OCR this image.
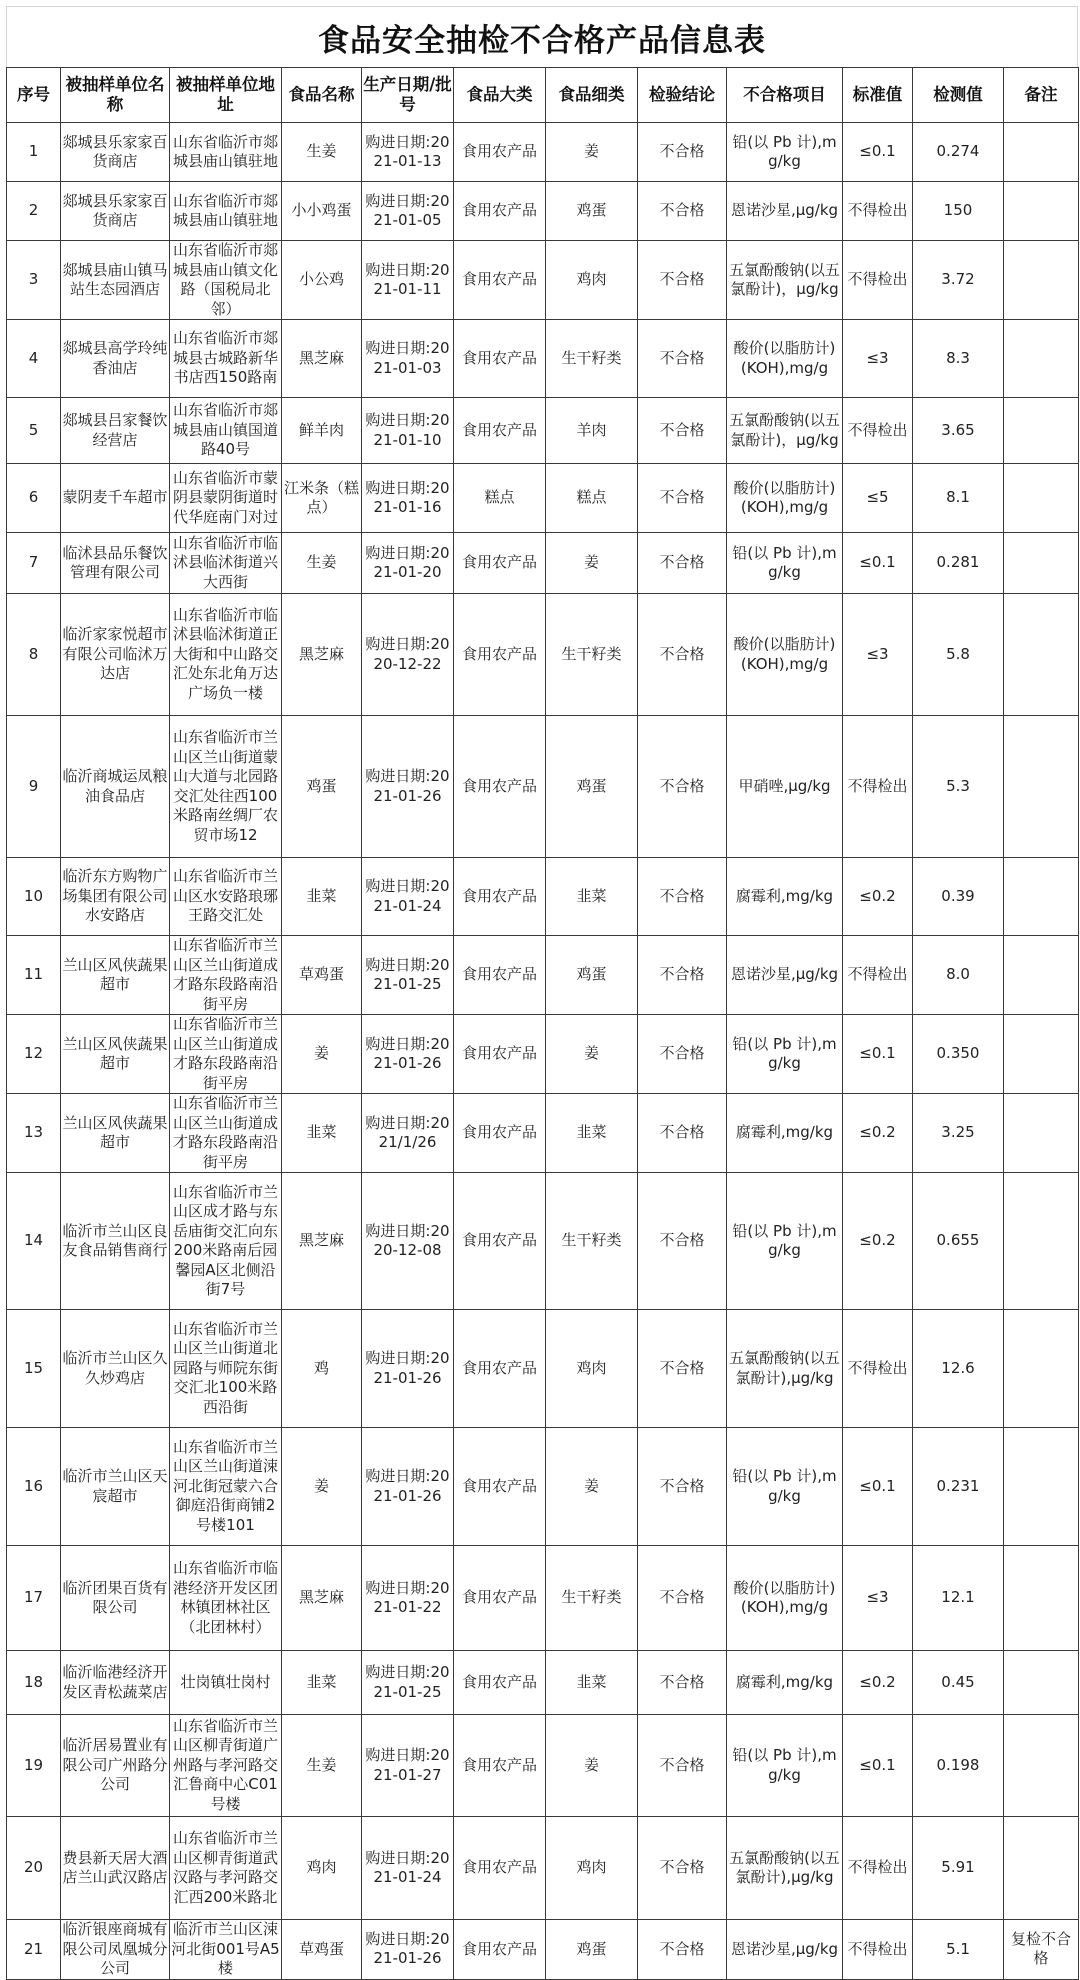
食品安全抽检不合格产品信息表
序号	被抽样单位名称	被抽样单位地址	食品名称	生产日期/批号	食品大类	食品细类	检验结论	不合格项目	标准值	检测值	备注
1	郯城县乐家家百货商店	山东省临沂市郯城县庙山镇驻地	生姜	购进日期:2021-01-13	食用农产品	姜	不合格	铅(以 Pb 计),mg/kg	≤0.1	0.274	
2	郯城县乐家家百货商店	山东省临沂市郯城县庙山镇驻地	小小鸡蛋	购进日期:2021-01-05	食用农产品	鸡蛋	不合格	恩诺沙星,μg/kg	不得检出	150	
3	郯城县庙山镇马站生态园酒店	山东省临沂市郯城县庙山镇文化路（国税局北邻）	小公鸡	购进日期:2021-01-11	食用农产品	鸡肉	不合格	五氯酚酸钠(以五氯酚计)，μg/kg	不得检出	3.72	
4	郯城县高学玲纯香油店	山东省临沂市郯城县古城路新华书店西150路南	黑芝麻	购进日期:2021-01-03	食用农产品	生干籽类	不合格	酸价(以脂肪计)(KOH),mg/g	≤3	8.3	
5	郯城县吕家餐饮经营店	山东省临沂市郯城县庙山镇国道路40号	鲜羊肉	购进日期:2021-01-10	食用农产品	羊肉	不合格	五氯酚酸钠(以五氯酚计)，μg/kg	不得检出	3.65	
6	蒙阴麦千车超市	山东省临沂市蒙阴县蒙阴街道时代华庭南门对过	江米条（糕点）	购进日期:2021-01-16	糕点	糕点	不合格	酸价(以脂肪计)(KOH),mg/g	≤5	8.1	
7	临沭县品乐餐饮管理有限公司	山东省临沂市临沭县临沭街道兴大西街	生姜	购进日期:2021-01-20	食用农产品	姜	不合格	铅(以 Pb 计),mg/kg	≤0.1	0.281	
8	临沂家家悦超市有限公司临沭万达店	山东省临沂市临沭县临沭街道正大街和中山路交汇处东北角万达广场负一楼	黑芝麻	购进日期:2020-12-22	食用农产品	生干籽类	不合格	酸价(以脂肪计)(KOH),mg/g	≤3	5.8	
9	临沂商城运凤粮油食品店	山东省临沂市兰山区兰山街道蒙山大道与北园路交汇处往西100米路南丝绸厂农贸市场12	鸡蛋	购进日期:2021-01-26	食用农产品	鸡蛋	不合格	甲硝唑,μg/kg	不得检出	5.3	
10	临沂东方购物广场集团有限公司水安路店	山东省临沂市兰山区水安路琅琊王路交汇处	韭菜	购进日期:2021-01-24	食用农产品	韭菜	不合格	腐霉利,mg/kg	≤0.2	0.39	
11	兰山区风侠蔬果超市	山东省临沂市兰山区兰山街道成才路东段路南沿街平房	草鸡蛋	购进日期:2021-01-25	食用农产品	鸡蛋	不合格	恩诺沙星,μg/kg	不得检出	8.0	
12	兰山区风侠蔬果超市	山东省临沂市兰山区兰山街道成才路东段路南沿街平房	姜	购进日期:2021-01-26	食用农产品	姜	不合格	铅(以 Pb 计),mg/kg	≤0.1	0.350	
13	兰山区风侠蔬果超市	山东省临沂市兰山区兰山街道成才路东段路南沿街平房	韭菜	购进日期:2021/1/26	食用农产品	韭菜	不合格	腐霉利,mg/kg	≤0.2	3.25	
14	临沂市兰山区良友食品销售商行	山东省临沂市兰山区成才路与东岳庙街交汇向东200米路南后园馨园A区北侧沿街7号	黑芝麻	购进日期:2020-12-08	食用农产品	生干籽类	不合格	铅(以 Pb 计),mg/kg	≤0.2	0.655	
15	临沂市兰山区久久炒鸡店	山东省临沂市兰山区兰山街道北园路与师院东街交汇北100米路西沿街	鸡	购进日期:2021-01-26	食用农产品	鸡肉	不合格	五氯酚酸钠(以五氯酚计),μg/kg	不得检出	12.6	
16	临沂市兰山区天宸超市	山东省临沂市兰山区兰山街道涑河北街冠蒙六合御庭沿街商铺2号楼101	姜	购进日期:2021-01-26	食用农产品	姜	不合格	铅(以 Pb 计),mg/kg	≤0.1	0.231	
17	临沂团果百货有限公司	山东省临沂市临港经济开发区团林镇团林社区（北团林村）	黑芝麻	购进日期:2021-01-22	食用农产品	生干籽类	不合格	酸价(以脂肪计)(KOH),mg/g	≤3	12.1	
18	临沂临港经济开发区青松蔬菜店	壮岗镇壮岗村	韭菜	购进日期:2021-01-25	食用农产品	韭菜	不合格	腐霉利,mg/kg	≤0.2	0.45	
19	临沂居易置业有限公司广州路分公司	山东省临沂市兰山区柳青街道广州路与孝河路交汇鲁商中心C01号楼	生姜	购进日期:2021-01-27	食用农产品	姜	不合格	铅(以 Pb 计),mg/kg	≤0.1	0.198	
20	费县新天居大酒店兰山武汉路店	山东省临沂市兰山区柳青街道武汉路与孝河路交汇西200米路北	鸡肉	购进日期:2021-01-24	食用农产品	鸡肉	不合格	五氯酚酸钠(以五氯酚计),μg/kg	不得检出	5.91	
21	临沂银座商城有限公司凤凰城分公司	临沂市兰山区涑河北街001号A5楼	草鸡蛋	购进日期:2021-01-26	食用农产品	鸡蛋	不合格	恩诺沙星,μg/kg	不得检出	5.1	复检不合格
